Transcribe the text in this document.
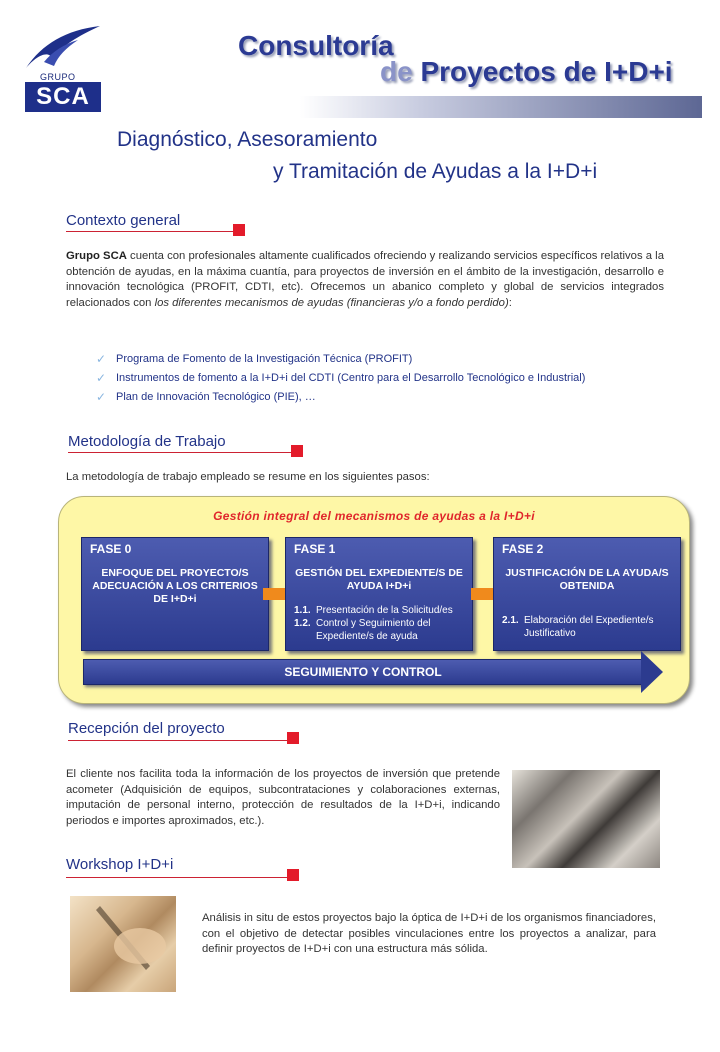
GRUPO
SCA
Consultoría
de Proyectos de I+D+i
Diagnóstico, Asesoramiento
y Tramitación de Ayudas a la I+D+i
Contexto general
Grupo SCA cuenta con profesionales altamente cualificados ofreciendo y realizando servicios específicos relativos a la obtención de ayudas, en la máxima cuantía, para proyectos de inversión en el ámbito de la investigación, desarrollo e innovación tecnológica (PROFIT, CDTI, etc). Ofrecemos un abanico completo y global de servicios integrados relacionados con los diferentes mecanismos de ayudas (financieras y/o a fondo perdido):
✓ Programa de Fomento de la Investigación Técnica (PROFIT)
✓ Instrumentos de fomento a la I+D+i del CDTI (Centro para el Desarrollo Tecnológico e Industrial)
✓ Plan de Innovación Tecnológico (PIE), …
Metodología de Trabajo
La metodología de trabajo empleado se resume en los siguientes pasos:
Gestión integral del mecanismos de ayudas a la I+D+i
FASE 0
ENFOQUE DEL PROYECTO/S ADECUACIÓN A LOS CRITERIOS DE I+D+i
FASE 1
GESTIÓN DEL EXPEDIENTE/S DE AYUDA I+D+i
1.1. Presentación de la Solicitud/es
1.2. Control y Seguimiento del Expediente/s de ayuda
FASE 2
JUSTIFICACIÓN DE LA AYUDA/S OBTENIDA
2.1. Elaboración del Expediente/s Justificativo
SEGUIMIENTO Y CONTROL
Recepción del proyecto
El cliente nos facilita toda la información de los proyectos de inversión que pretende acometer (Adquisición de equipos, subcontrataciones y colaboraciones externas, imputación de personal interno, protección de resultados de la I+D+i, indicando periodos e importes aproximados, etc.).
Workshop I+D+i
Análisis in situ de estos proyectos bajo la óptica de I+D+i de los organismos financiadores, con el objetivo de detectar posibles vinculaciones entre los proyectos a analizar, para definir proyectos de I+D+i con una estructura más sólida.
